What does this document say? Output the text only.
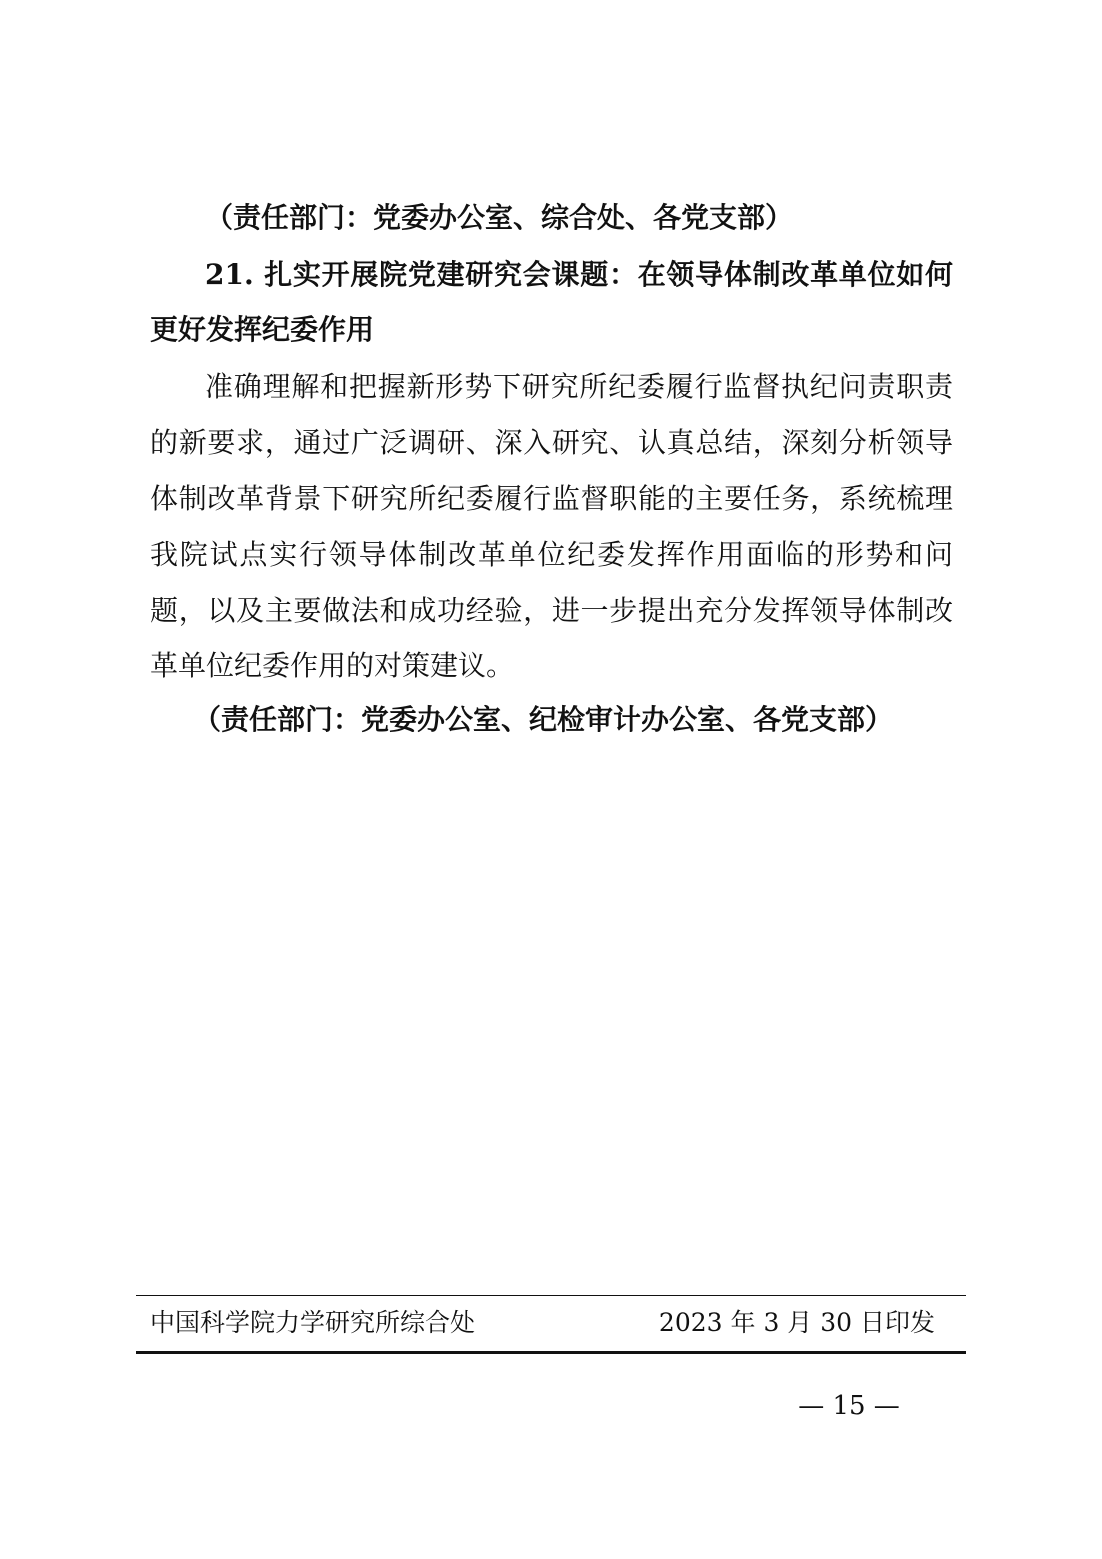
（责任部门：党委办公室、综合处、各党支部）
21. 扎实开展院党建研究会课题：在领导体制改革单位如何
更好发挥纪委作用
准确理解和把握新形势下研究所纪委履行监督执纪问责职责
的新要求，通过广泛调研、深入研究、认真总结，深刻分析领导
体制改革背景下研究所纪委履行监督职能的主要任务，系统梳理
我院试点实行领导体制改革单位纪委发挥作用面临的形势和问
题，以及主要做法和成功经验，进一步提出充分发挥领导体制改
革单位纪委作用的对策建议。
（责任部门：党委办公室、纪检审计办公室、各党支部）
中国科学院力学研究所综合处	2023 年 3 月 30 日印发
— 15 —
